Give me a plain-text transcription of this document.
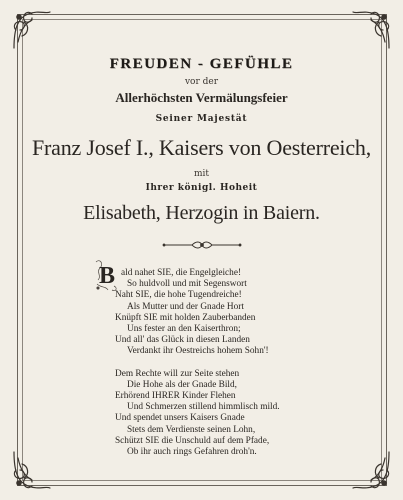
FREUDEN - GEFÜHLE
vor der
Allerhöchsten Vermälungsfeier
Seiner Majestät
Franz Josef I., Kaisers von Oesterreich,
mit
Ihrer königl. Hoheit
Elisabeth, Herzogin in Baiern.
B ald nahet SIE, die Engelgleiche!
So huldvoll und mit Segenswort
Naht SIE, die hohe Tugendreiche!
Als Mutter und der Gnade Hort
Knüpft SIE mit holden Zauberbanden
Uns fester an den Kaiserthron;
Und all' das Glück in diesen Landen
Verdankt ihr Oestreichs hohem Sohn'!
Dem Rechte will zur Seite stehen
Die Hohe als der Gnade Bild,
Erhörend IHRER Kinder Flehen
Und Schmerzen stillend himmlisch mild.
Und spendet unsers Kaisers Gnade
Stets dem Verdienste seinen Lohn,
Schützt SIE die Unschuld auf dem Pfade,
Ob ihr auch rings Gefahren droh'n.
